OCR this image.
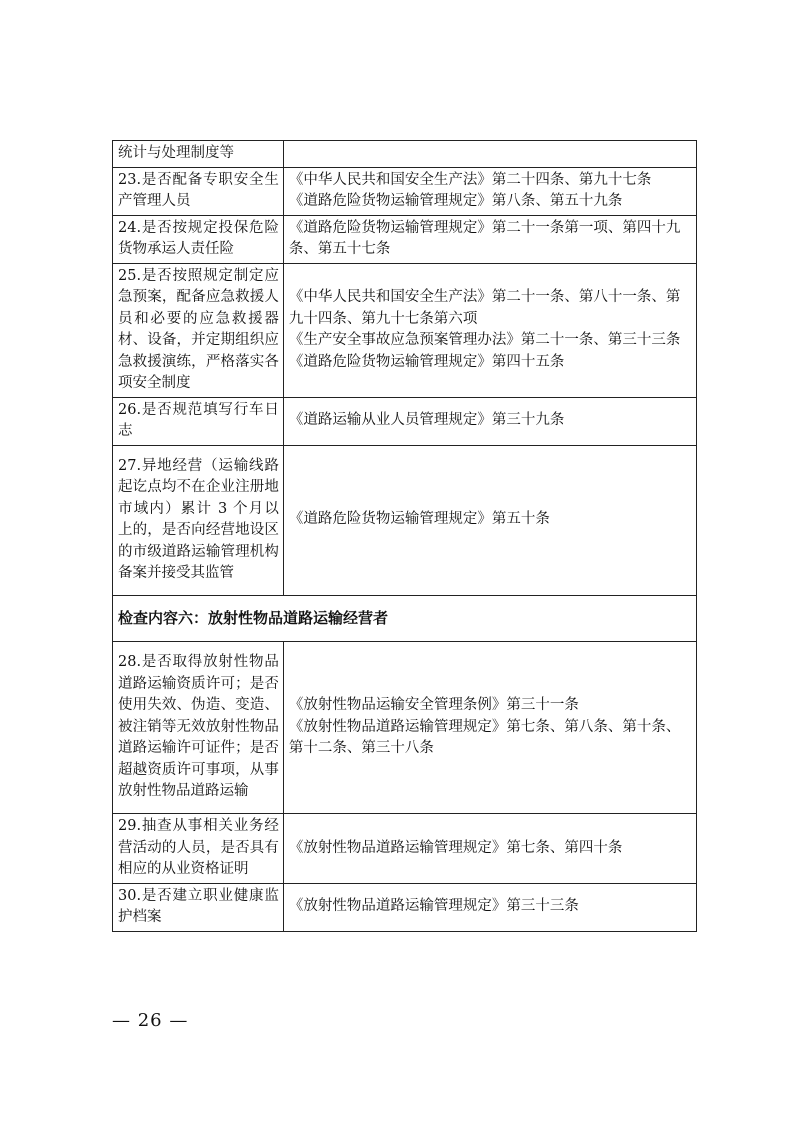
统计与处理制度等	

23.是否配备专职安全生产管理人员	《中华人民共和国安全生产法》第二十四条、第九十七条
《道路危险货物运输管理规定》第八条、第五十九条

24.是否按规定投保危险货物承运人责任险	《道路危险货物运输管理规定》第二十一条第一项、第四十九条、第五十七条

25.是否按照规定制定应急预案，配备应急救援人员和必要的应急救援器材、设备，并定期组织应急救援演练，严格落实各项安全制度	《中华人民共和国安全生产法》第二十一条、第八十一条、第九十四条、第九十七条第六项
《生产安全事故应急预案管理办法》第二十一条、第三十三条
《道路危险货物运输管理规定》第四十五条

26.是否规范填写行车日志	《道路运输从业人员管理规定》第三十九条

27.异地经营（运输线路起讫点均不在企业注册地市域内）累计 3 个月以上的，是否向经营地设区的市级道路运输管理机构备案并接受其监管	《道路危险货物运输管理规定》第五十条

检查内容六：放射性物品道路运输经营者	
28.是否取得放射性物品道路运输资质许可；是否使用失效、伪造、变造、被注销等无效放射性物品道路运输许可证件；是否超越资质许可事项，从事放射性物品道路运输	《放射性物品运输安全管理条例》第三十一条
《放射性物品道路运输管理规定》第七条、第八条、第十条、第十二条、第三十八条

29.抽查从事相关业务经营活动的人员，是否具有相应的从业资格证明	《放射性物品道路运输管理规定》第七条、第四十条

30.是否建立职业健康监护档案	《放射性物品道路运输管理规定》第三十三条
— 26 —
